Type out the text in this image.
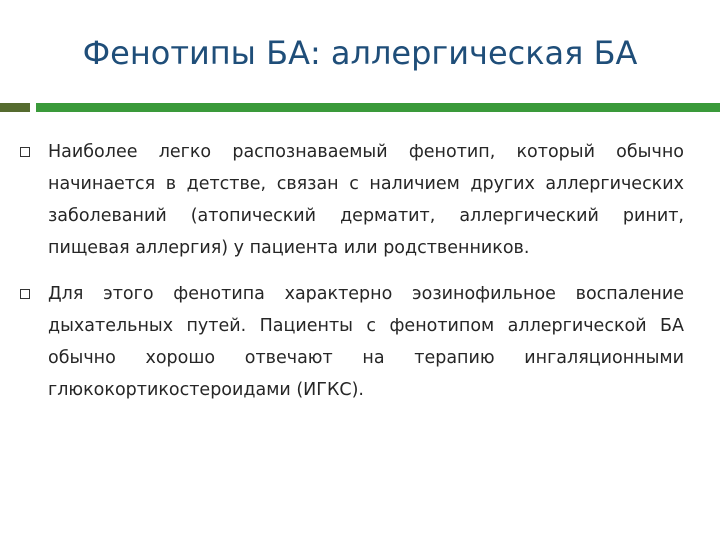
Фенотипы БА: аллергическая БА
Наиболее легко распознаваемый фенотип, который обычно начинается в детстве, связан с наличием других аллергических заболеваний (атопический дерматит, аллергический ринит, пищевая аллергия) у пациента или родственников.
Для этого фенотипа характерно эозинофильное воспаление дыхательных путей. Пациенты с фенотипом аллергической БА обычно хорошо отвечают на терапию ингаляционными глюкокортикостероидами (ИГКС).
